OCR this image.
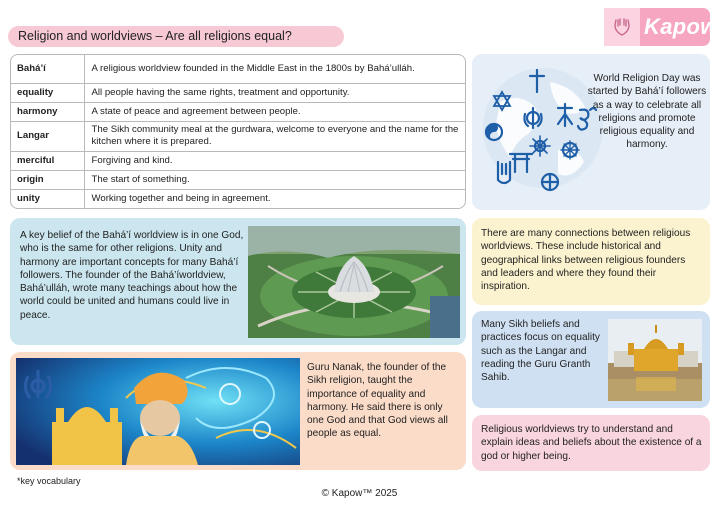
Religion and worldviews – Are all religions equal?	Kapow
Bahá’í	A religious worldview founded in the Middle East in the 1800s by Bahá’ulláh.
equality	All people having the same rights, treatment and opportunity.
harmony	A state of peace and agreement between people.
Langar	The Sikh community meal at the gurdwara, welcome to everyone and the name for the kitchen where it is prepared.
merciful	Forgiving and kind.
origin	The start of something.
unity	Working together and being in agreement.
World Religion Day was started by Bahá’í followers as a way to celebrate all religions and promote religious equality and harmony.
A key belief of the Bahá’í worldview is in one God, who is the same for other religions. Unity and harmony are important concepts for many Bahá’í followers. The founder of the Bahá’íworldview, Bahá’ulláh, wrote many teachings about how the world could be united and humans could live in peace.
There are many connections between religious worldviews. These include historical and geographical links between religious founders and leaders and where they found their inspiration.
Many Sikh beliefs and practices focus on equality such as the Langar and reading the Guru Granth Sahib.
Guru Nanak, the founder of the Sikh religion, taught the importance of equality and harmony. He said there is only one God and that God views all people as equal.	Religious worldviews try to understand and explain ideas and beliefs about the existence of a god or higher being.
*key vocabulary
© Kapow™ 2025
